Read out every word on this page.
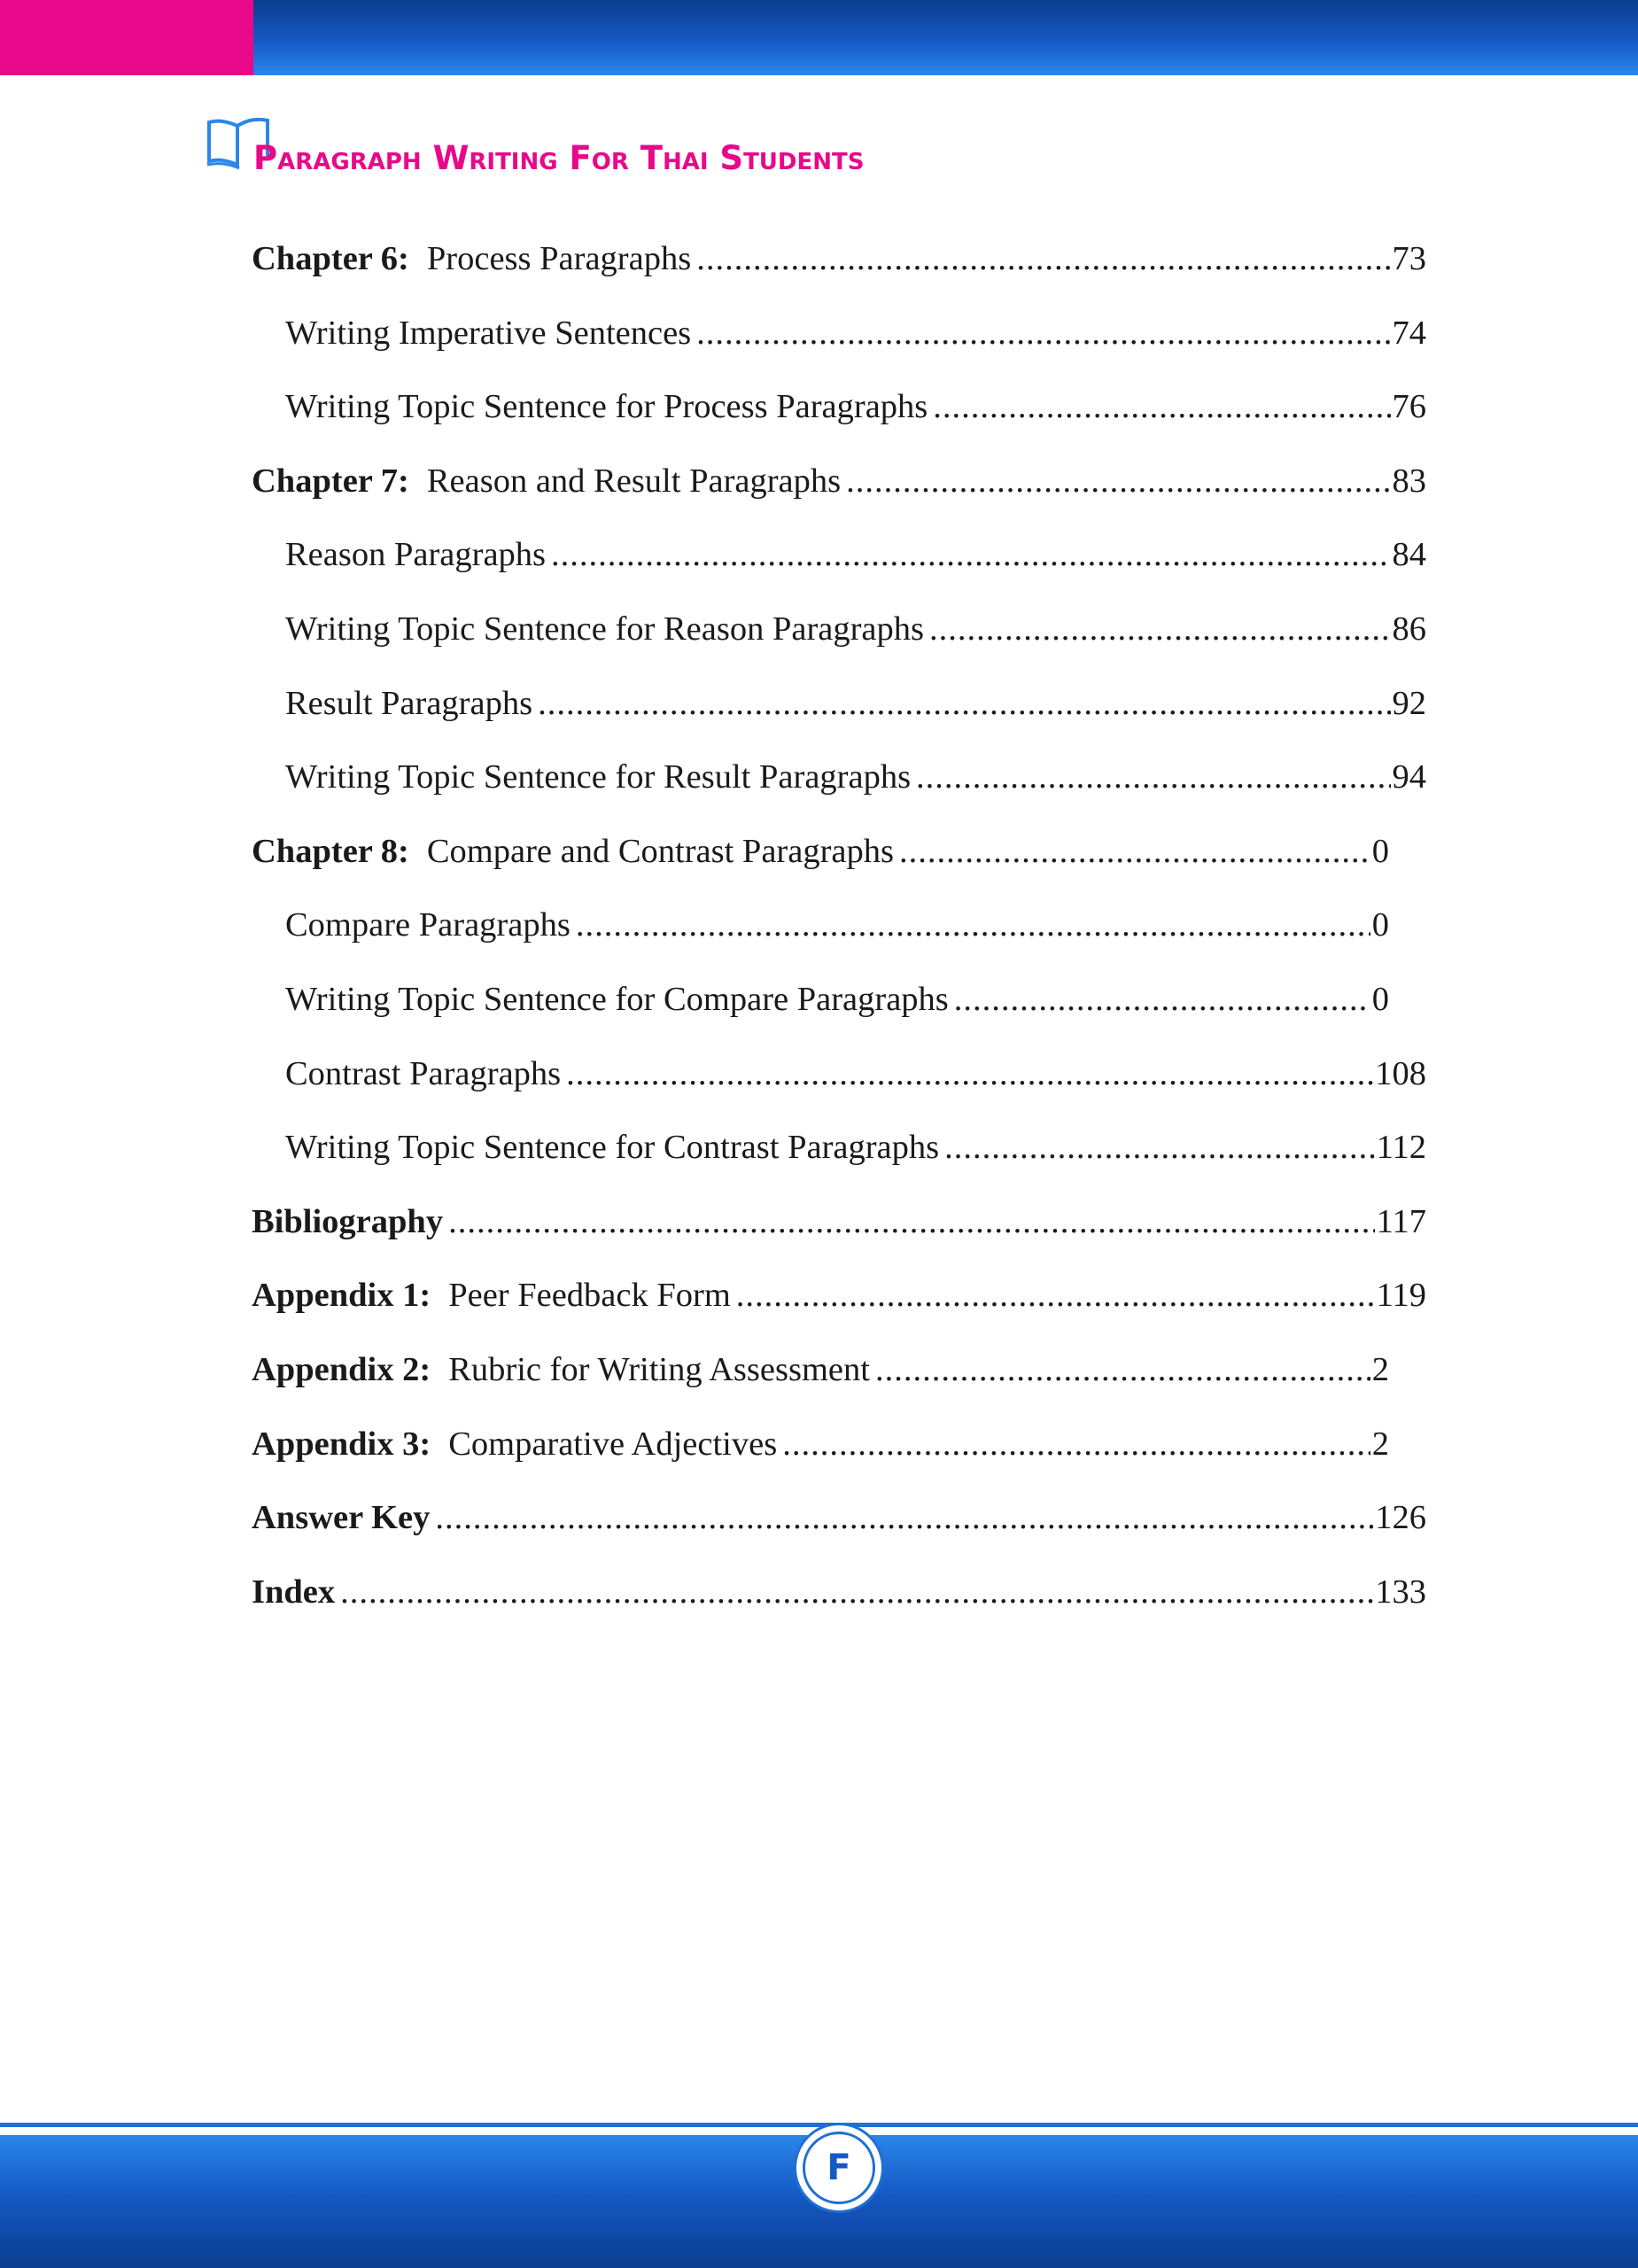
Paragraph Writing For Thai Students
Chapter 6: Process Paragraphs .....	73
Writing Imperative Sentences .....	74
Writing Topic Sentence for Process Paragraphs .....	76
Chapter 7: Reason and Result Paragraphs .....	83
Reason Paragraphs .....	84
Writing Topic Sentence for Reason Paragraphs .....	86
Result Paragraphs .....	92
Writing Topic Sentence for Result Paragraphs .....	94
Chapter 8: Compare and Contrast Paragraphs .....	0
Compare Paragraphs .....	0
Writing Topic Sentence for Compare Paragraphs .....	0
Contrast Paragraphs .....	108
Writing Topic Sentence for Contrast Paragraphs .....	112
Bibliography .....	117
Appendix 1: Peer Feedback Form .....	119
Appendix 2: Rubric for Writing Assessment .....	2
Appendix 3: Comparative Adjectives .....	2
Answer Key .....	126
Index .....	133
F
